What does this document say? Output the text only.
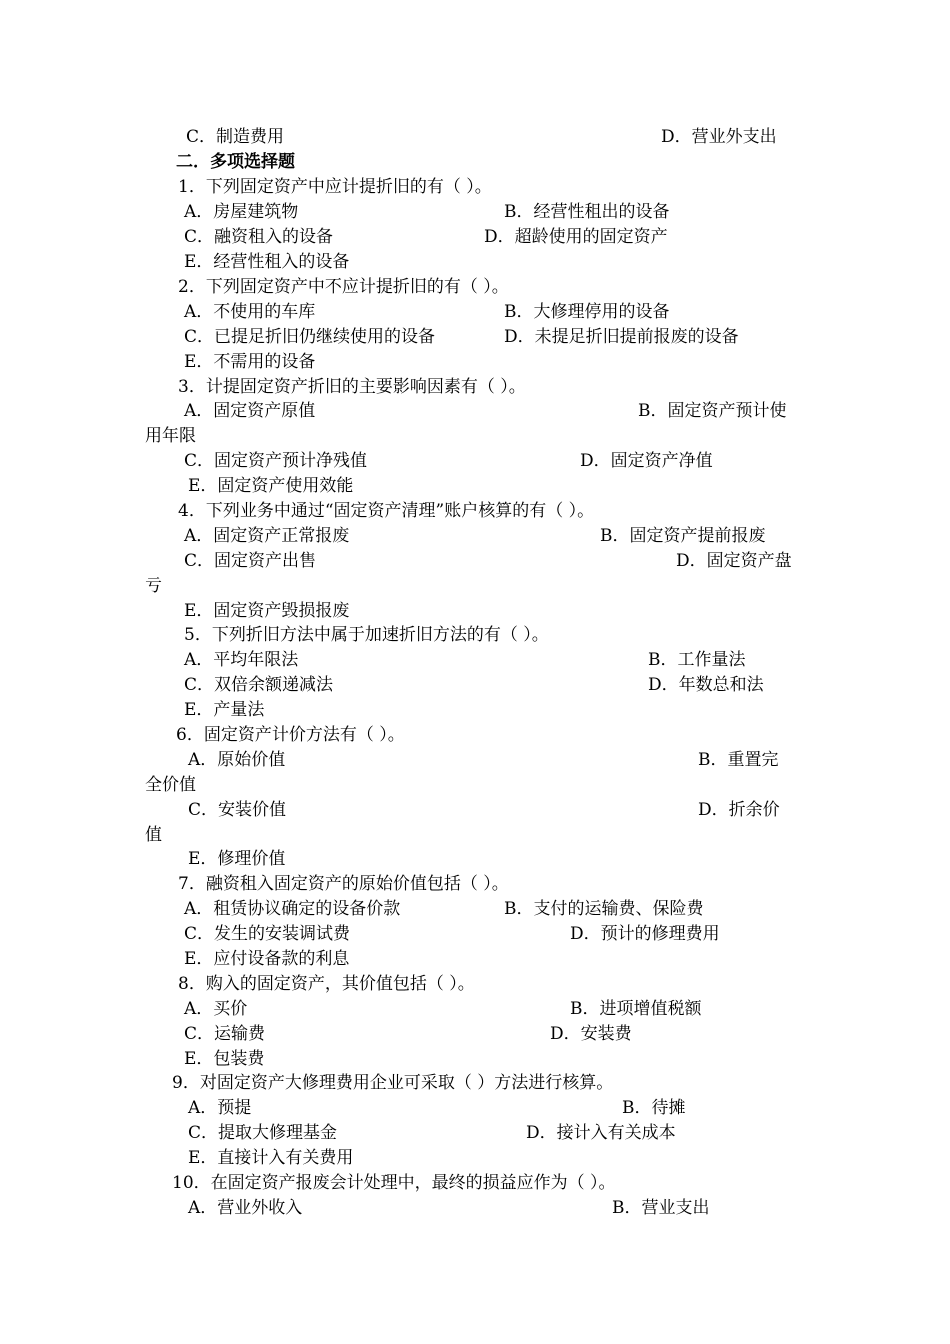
C．制造费用	D．营业外支出
二．多项选择题
1．下列固定资产中应计提折旧的有（ ）。
A．房屋建筑物	B．经营性租出的设备
C．融资租入的设备	D．超龄使用的固定资产
E．经营性租入的设备
2．下列固定资产中不应计提折旧的有（ ）。
A．不使用的车库	B．大修理停用的设备
C．已提足折旧仍继续使用的设备	D．未提足折旧提前报废的设备
E．不需用的设备
3．计提固定资产折旧的主要影响因素有（ ）。
A．固定资产原值	B．固定资产预计使
用年限
C．固定资产预计净残值	D．固定资产净值
E．固定资产使用效能
4．下列业务中通过“固定资产清理”账户核算的有（ ）。
A．固定资产正常报废	B．固定资产提前报废
C．固定资产出售	D．固定资产盘
亏
E．固定资产毁损报废
5．下列折旧方法中属于加速折旧方法的有（ ）。
A．平均年限法	B．工作量法
C．双倍余额递减法	D．年数总和法
E．产量法
6．固定资产计价方法有（ ）。
A．原始价值	B．重置完
全价值
C．安装价值	D．折余价
值
E．修理价值
7．融资租入固定资产的原始价值包括（ ）。
A．租赁协议确定的设备价款	B．支付的运输费、保险费
C．发生的安装调试费	D．预计的修理费用
E．应付设备款的利息
8．购入的固定资产，其价值包括（ ）。
A．买价	B．进项增值税额
C．运输费	D．安装费
E．包装费
9．对固定资产大修理费用企业可采取（ ）方法进行核算。
A．预提	B．待摊
C．提取大修理基金	D．接计入有关成本
E．直接计入有关费用
10．在固定资产报废会计处理中，最终的损益应作为（ ）。
A．营业外收入	B．营业支出
